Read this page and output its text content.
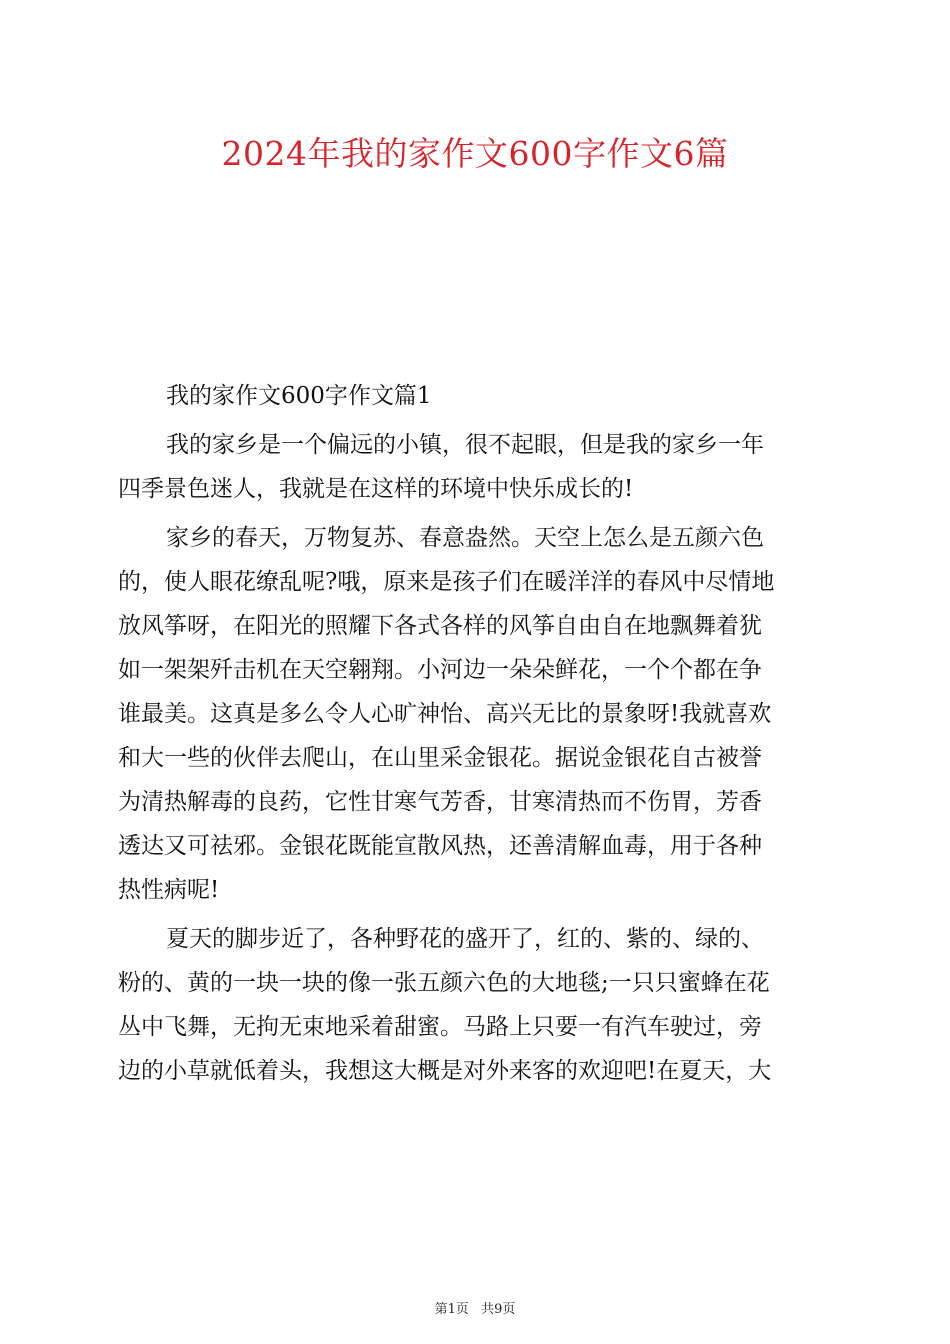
2024年我的家作文600字作文6篇
我的家作文600字作文篇1

我的家乡是一个偏远的小镇，很不起眼，但是我的家乡一年
四季景色迷人，我就是在这样的环境中快乐成长的!

家乡的春天，万物复苏、春意盎然。天空上怎么是五颜六色
的，使人眼花缭乱呢?哦，原来是孩子们在暖洋洋的春风中尽情地
放风筝呀，在阳光的照耀下各式各样的风筝自由自在地飘舞着犹
如一架架歼击机在天空翱翔。小河边一朵朵鲜花，一个个都在争
谁最美。这真是多么令人心旷神怡、高兴无比的景象呀!我就喜欢
和大一些的伙伴去爬山，在山里采金银花。据说金银花自古被誉
为清热解毒的良药，它性甘寒气芳香，甘寒清热而不伤胃，芳香
透达又可祛邪。金银花既能宣散风热，还善清解血毒，用于各种
热性病呢!

夏天的脚步近了，各种野花的盛开了，红的、紫的、绿的、
粉的、黄的一块一块的像一张五颜六色的大地毯;一只只蜜蜂在花
丛中飞舞，无拘无束地采着甜蜜。马路上只要一有汽车驶过，旁
边的小草就低着头，我想这大概是对外来客的欢迎吧!在夏天，大

第1页 共9页
